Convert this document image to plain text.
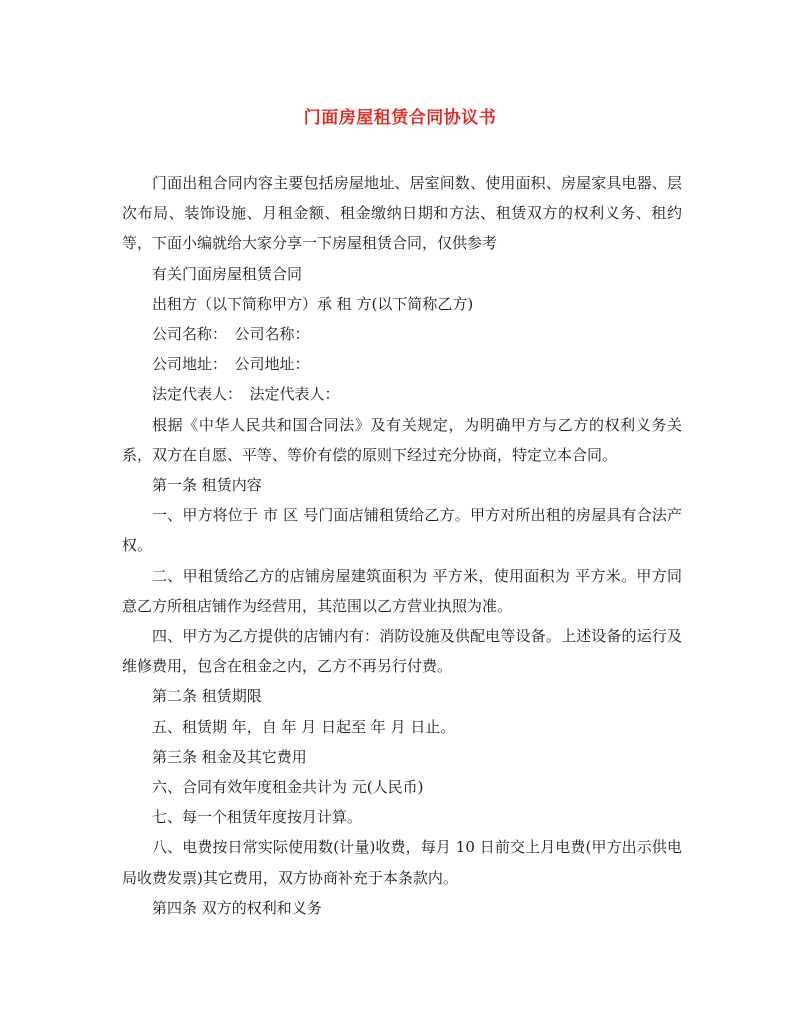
门面房屋租赁合同协议书

门面出租合同内容主要包括房屋地址、居室间数、使用面积、房屋家具电器、层次布局、装饰设施、月租金额、租金缴纳日期和方法、租赁双方的权利义务、租约等，下面小编就给大家分享一下房屋租赁合同，仅供参考

有关门面房屋租赁合同

出租方（以下简称甲方）承 租 方(以下简称乙方)

公司名称：　公司名称：

公司地址：　公司地址：

法定代表人：　法定代表人：

根据《中华人民共和国合同法》及有关规定，为明确甲方与乙方的权利义务关系，双方在自愿、平等、等价有偿的原则下经过充分协商，特定立本合同。

第一条 租赁内容

一、甲方将位于 市 区 号门面店铺租赁给乙方。甲方对所出租的房屋具有合法产权。

二、甲租赁给乙方的店铺房屋建筑面积为 平方米，使用面积为 平方米。甲方同意乙方所租店铺作为经营用，其范围以乙方营业执照为准。

四、甲方为乙方提供的店铺内有：消防设施及供配电等设备。上述设备的运行及维修费用，包含在租金之内，乙方不再另行付费。

第二条 租赁期限

五、租赁期 年，自 年 月 日起至 年 月 日止。

第三条 租金及其它费用

六、合同有效年度租金共计为 元(人民币)

七、每一个租赁年度按月计算。

八、电费按日常实际使用数(计量)收费，每月 10 日前交上月电费(甲方出示供电局收费发票)其它费用，双方协商补充于本条款内。

第四条 双方的权利和义务
